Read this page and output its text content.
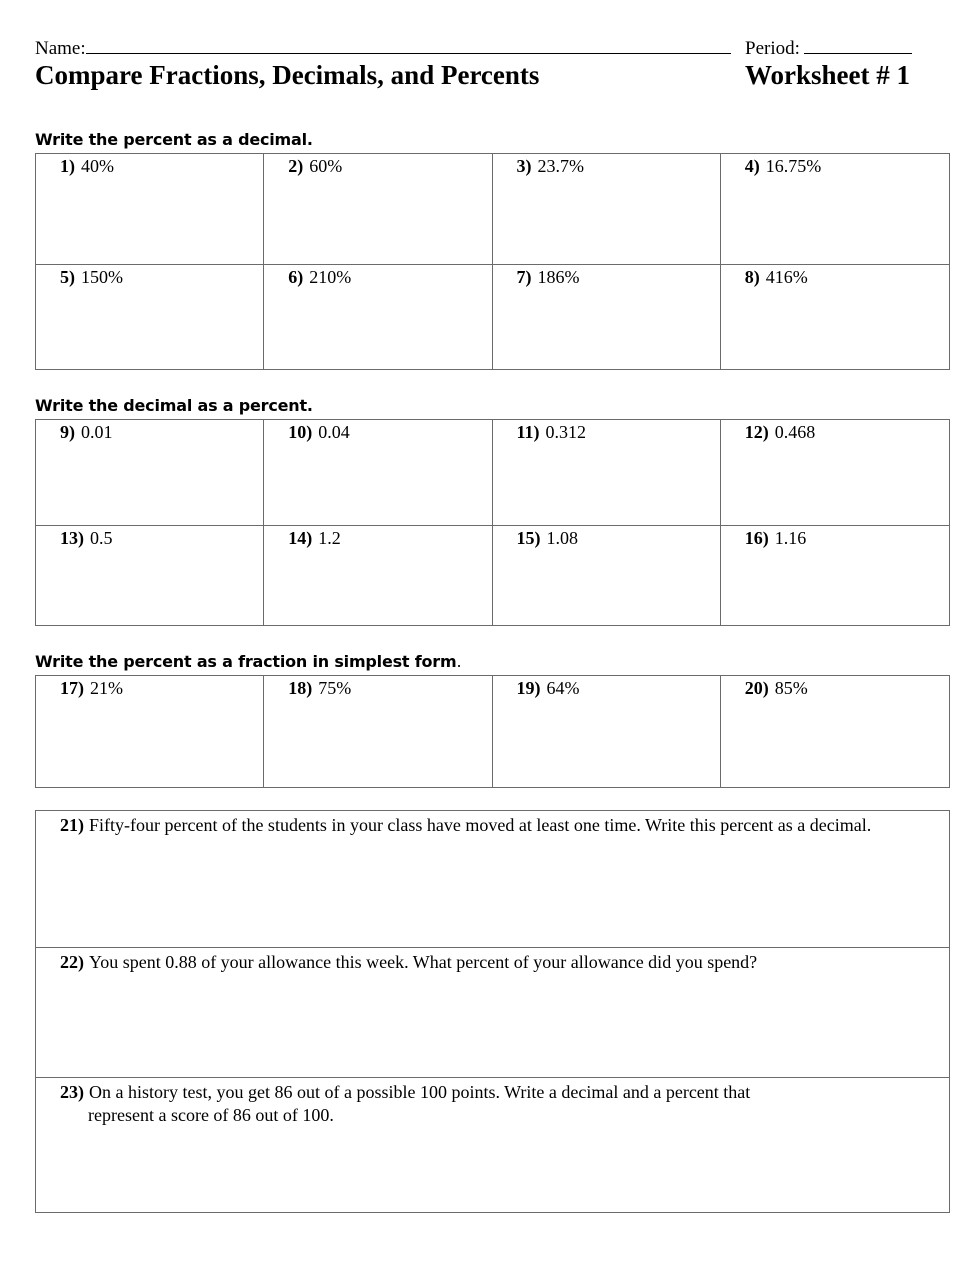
Name:	Period:
Compare Fractions, Decimals, and Percents	Worksheet # 1
Write the percent as a decimal.
1) 40%	2) 60%	3) 23.7%	4) 16.75%
5) 150%	6) 210%	7) 186%	8) 416%
Write the decimal as a percent.
9) 0.01	10) 0.04	11) 0.312	12) 0.468
13) 0.5	14) 1.2	15) 1.08	16) 1.16
Write the percent as a fraction in simplest form.
17) 21%	18) 75%	19) 64%	20) 85%
21) Fifty-four percent of the students in your class have moved at least one time. Write this percent as a decimal.
22) You spent 0.88 of your allowance this week. What percent of your allowance did you spend?
23) On a history test, you get 86 out of a possible 100 points. Write a decimal and a percent that
represent a score of 86 out of 100.
